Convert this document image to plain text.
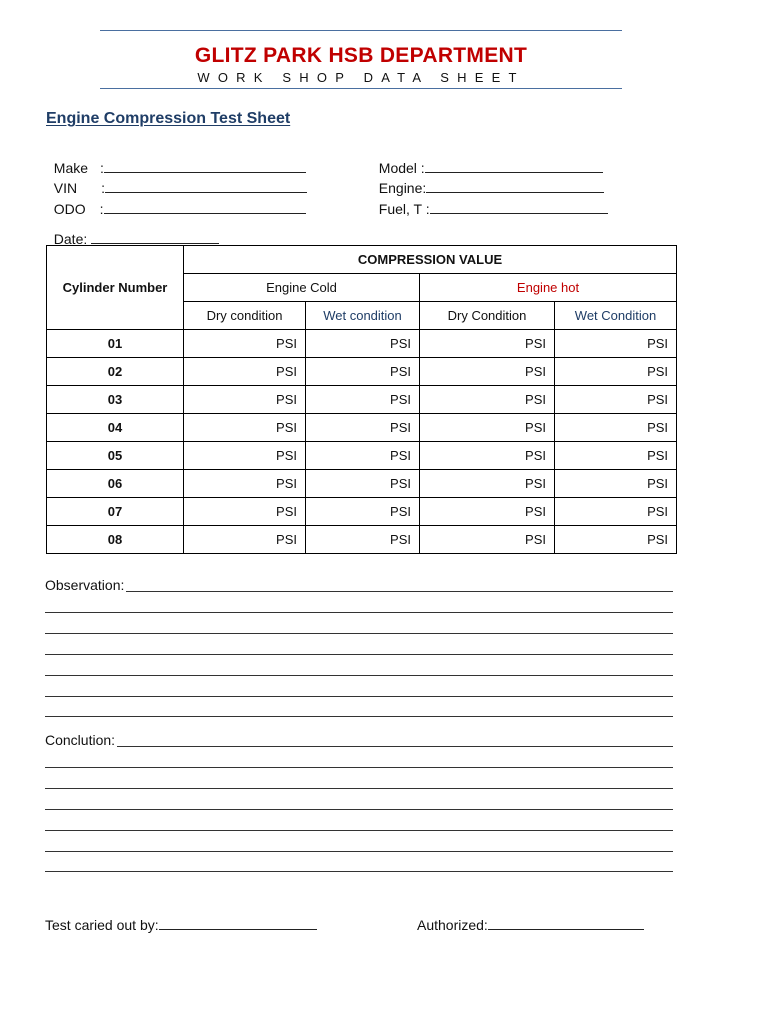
GLITZ PARK HSB DEPARTMENT
WORK SHOP DATA SHEET
Engine Compression Test Sheet

Make :

VIN :

ODO :

Model :

Engine:

Fuel, T :

Date:

Cylinder Number	COMPRESSION VALUE			
	Engine Cold		Engine hot	
	Dry condition	Wet condition	Dry Condition	Wet Condition
01	PSI	PSI	PSI	PSI
02	PSI	PSI	PSI	PSI
03	PSI	PSI	PSI	PSI
04	PSI	PSI	PSI	PSI
05	PSI	PSI	PSI	PSI
06	PSI	PSI	PSI	PSI
07	PSI	PSI	PSI	PSI
08	PSI	PSI	PSI	PSI
Observation:
Conclution:
Test caried out by:	Authorized:
